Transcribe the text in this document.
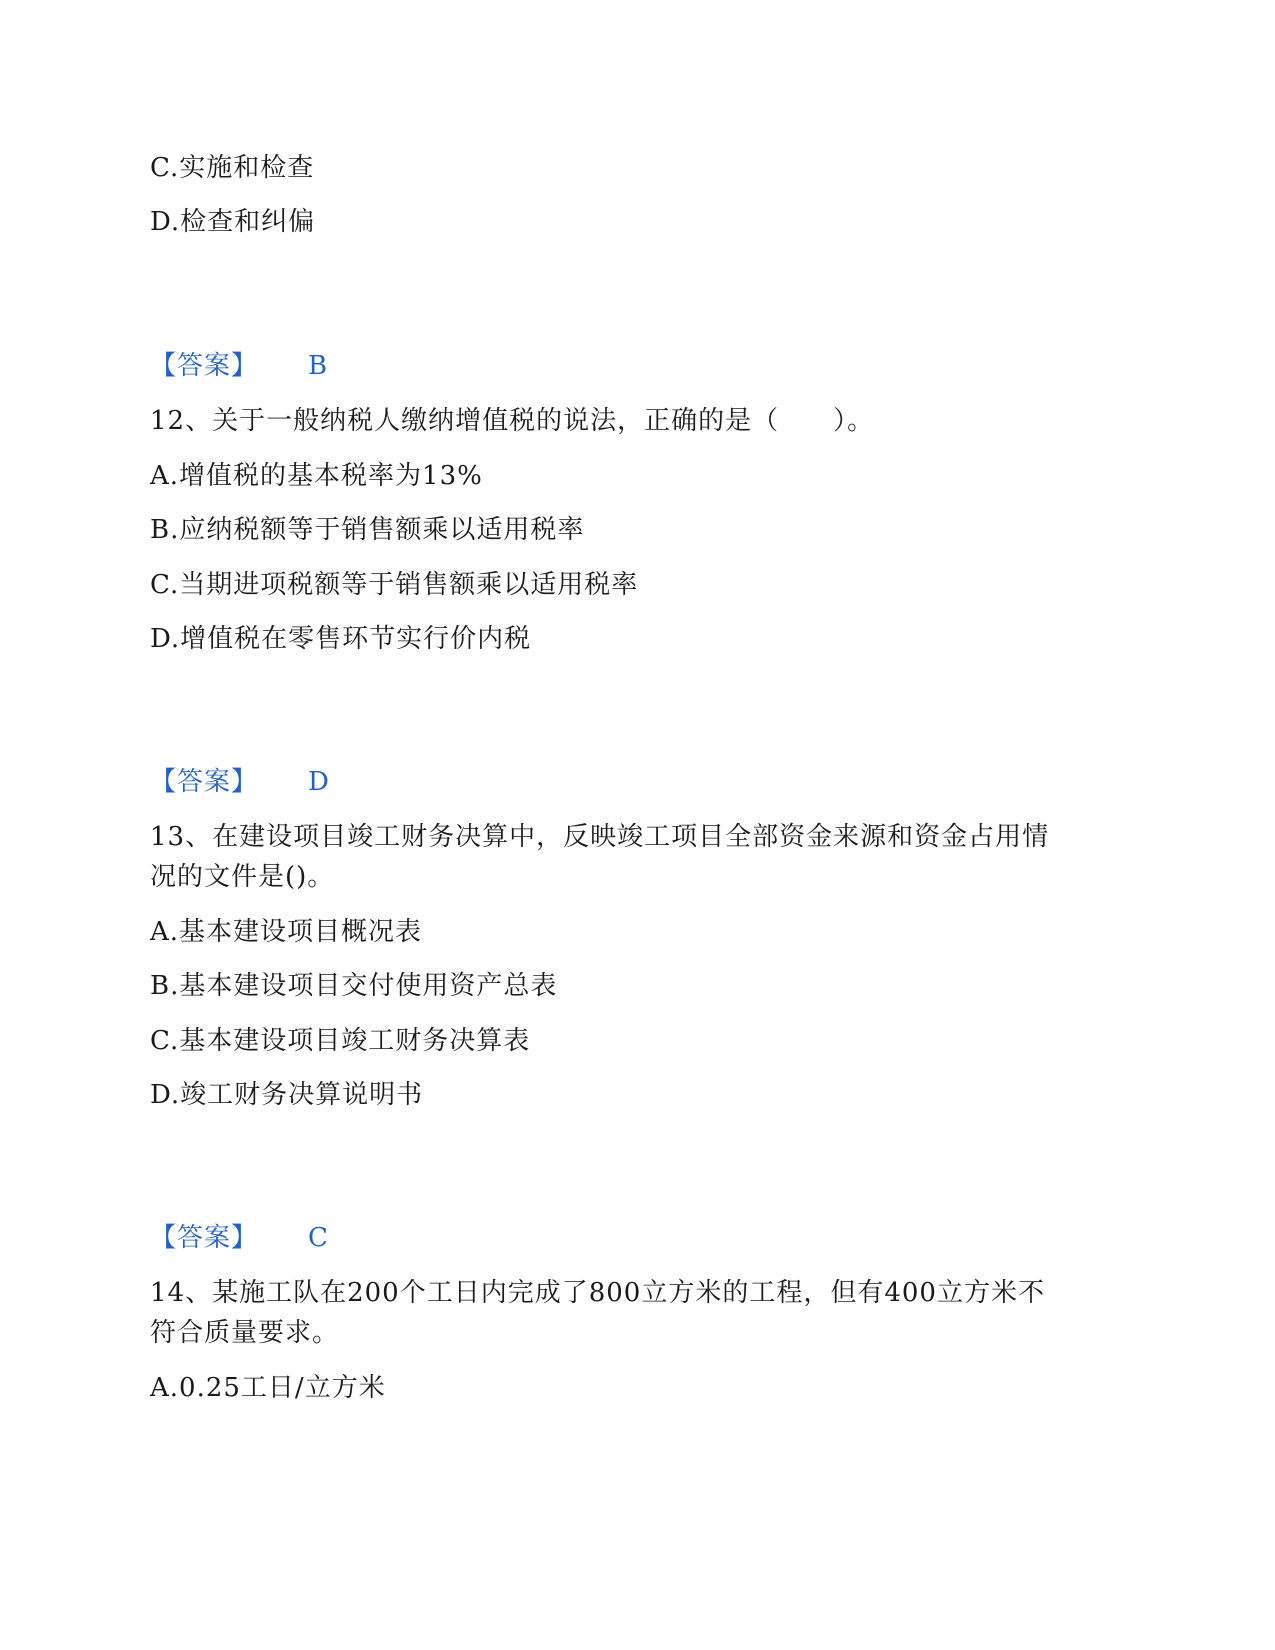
C.实施和检查
D.检查和纠偏
【答案】 B
12、关于一般纳税人缴纳增值税的说法，正确的是（　　）。
A.增值税的基本税率为13%
B.应纳税额等于销售额乘以适用税率
C.当期进项税额等于销售额乘以适用税率
D.增值税在零售环节实行价内税
【答案】 D
13、在建设项目竣工财务决算中，反映竣工项目全部资金来源和资金占用情
况的文件是()。
A.基本建设项目概况表
B.基本建设项目交付使用资产总表
C.基本建设项目竣工财务决算表
D.竣工财务决算说明书
【答案】 C
14、某施工队在200个工日内完成了800立方米的工程，但有400立方米不
符合质量要求。
A.0.25工日/立方米
